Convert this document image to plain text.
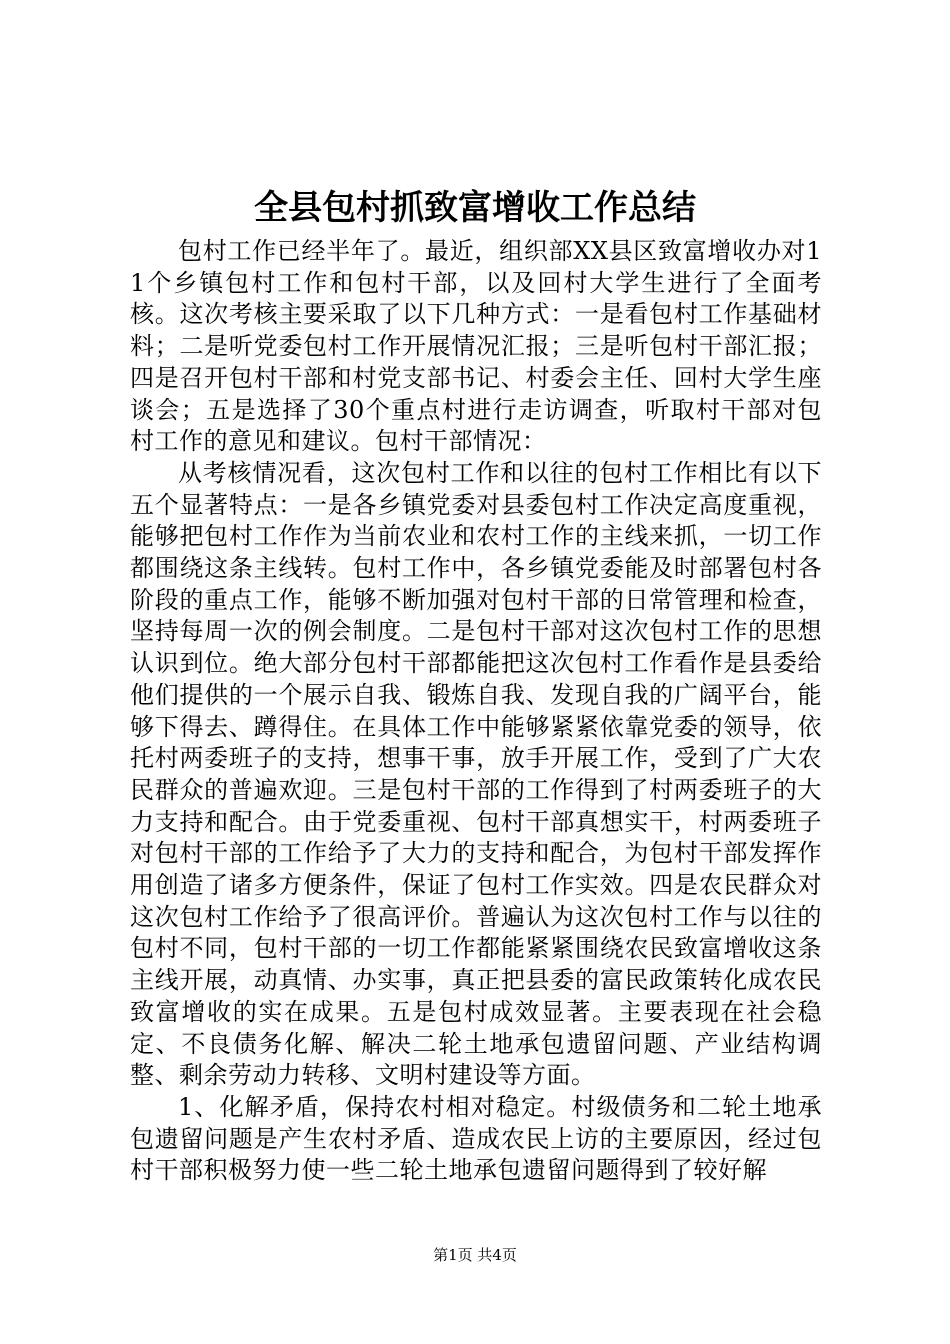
全县包村抓致富增收工作总结

包村工作已经半年了。最近，组织部XX县区致富增收办对11个乡镇包村工作和包村干部，以及回村大学生进行了全面考核。这次考核主要采取了以下几种方式：一是看包村工作基础材料；二是听党委包村工作开展情况汇报；三是听包村干部汇报；四是召开包村干部和村党支部书记、村委会主任、回村大学生座谈会；五是选择了30个重点村进行走访调查，听取村干部对包村工作的意见和建议。包村干部情况：

从考核情况看，这次包村工作和以往的包村工作相比有以下五个显著特点：一是各乡镇党委对县委包村工作决定高度重视，能够把包村工作作为当前农业和农村工作的主线来抓，一切工作都围绕这条主线转。包村工作中，各乡镇党委能及时部署包村各阶段的重点工作，能够不断加强对包村干部的日常管理和检查，坚持每周一次的例会制度。二是包村干部对这次包村工作的思想认识到位。绝大部分包村干部都能把这次包村工作看作是县委给他们提供的一个展示自我、锻炼自我、发现自我的广阔平台，能够下得去、蹲得住。在具体工作中能够紧紧依靠党委的领导，依托村两委班子的支持，想事干事，放手开展工作，受到了广大农民群众的普遍欢迎。三是包村干部的工作得到了村两委班子的大力支持和配合。由于党委重视、包村干部真想实干，村两委班子对包村干部的工作给予了大力的支持和配合，为包村干部发挥作用创造了诸多方便条件，保证了包村工作实效。四是农民群众对这次包村工作给予了很高评价。普遍认为这次包村工作与以往的包村不同，包村干部的一切工作都能紧紧围绕农民致富增收这条主线开展，动真情、办实事，真正把县委的富民政策转化成农民致富增收的实在成果。五是包村成效显著。主要表现在社会稳定、不良债务化解、解决二轮土地承包遗留问题、产业结构调整、剩余劳动力转移、文明村建设等方面。

1、化解矛盾，保持农村相对稳定。村级债务和二轮土地承包遗留问题是产生农村矛盾、造成农民上访的主要原因，经过包村干部积极努力使一些二轮土地承包遗留问题得到了较好解

第1页 共4页
